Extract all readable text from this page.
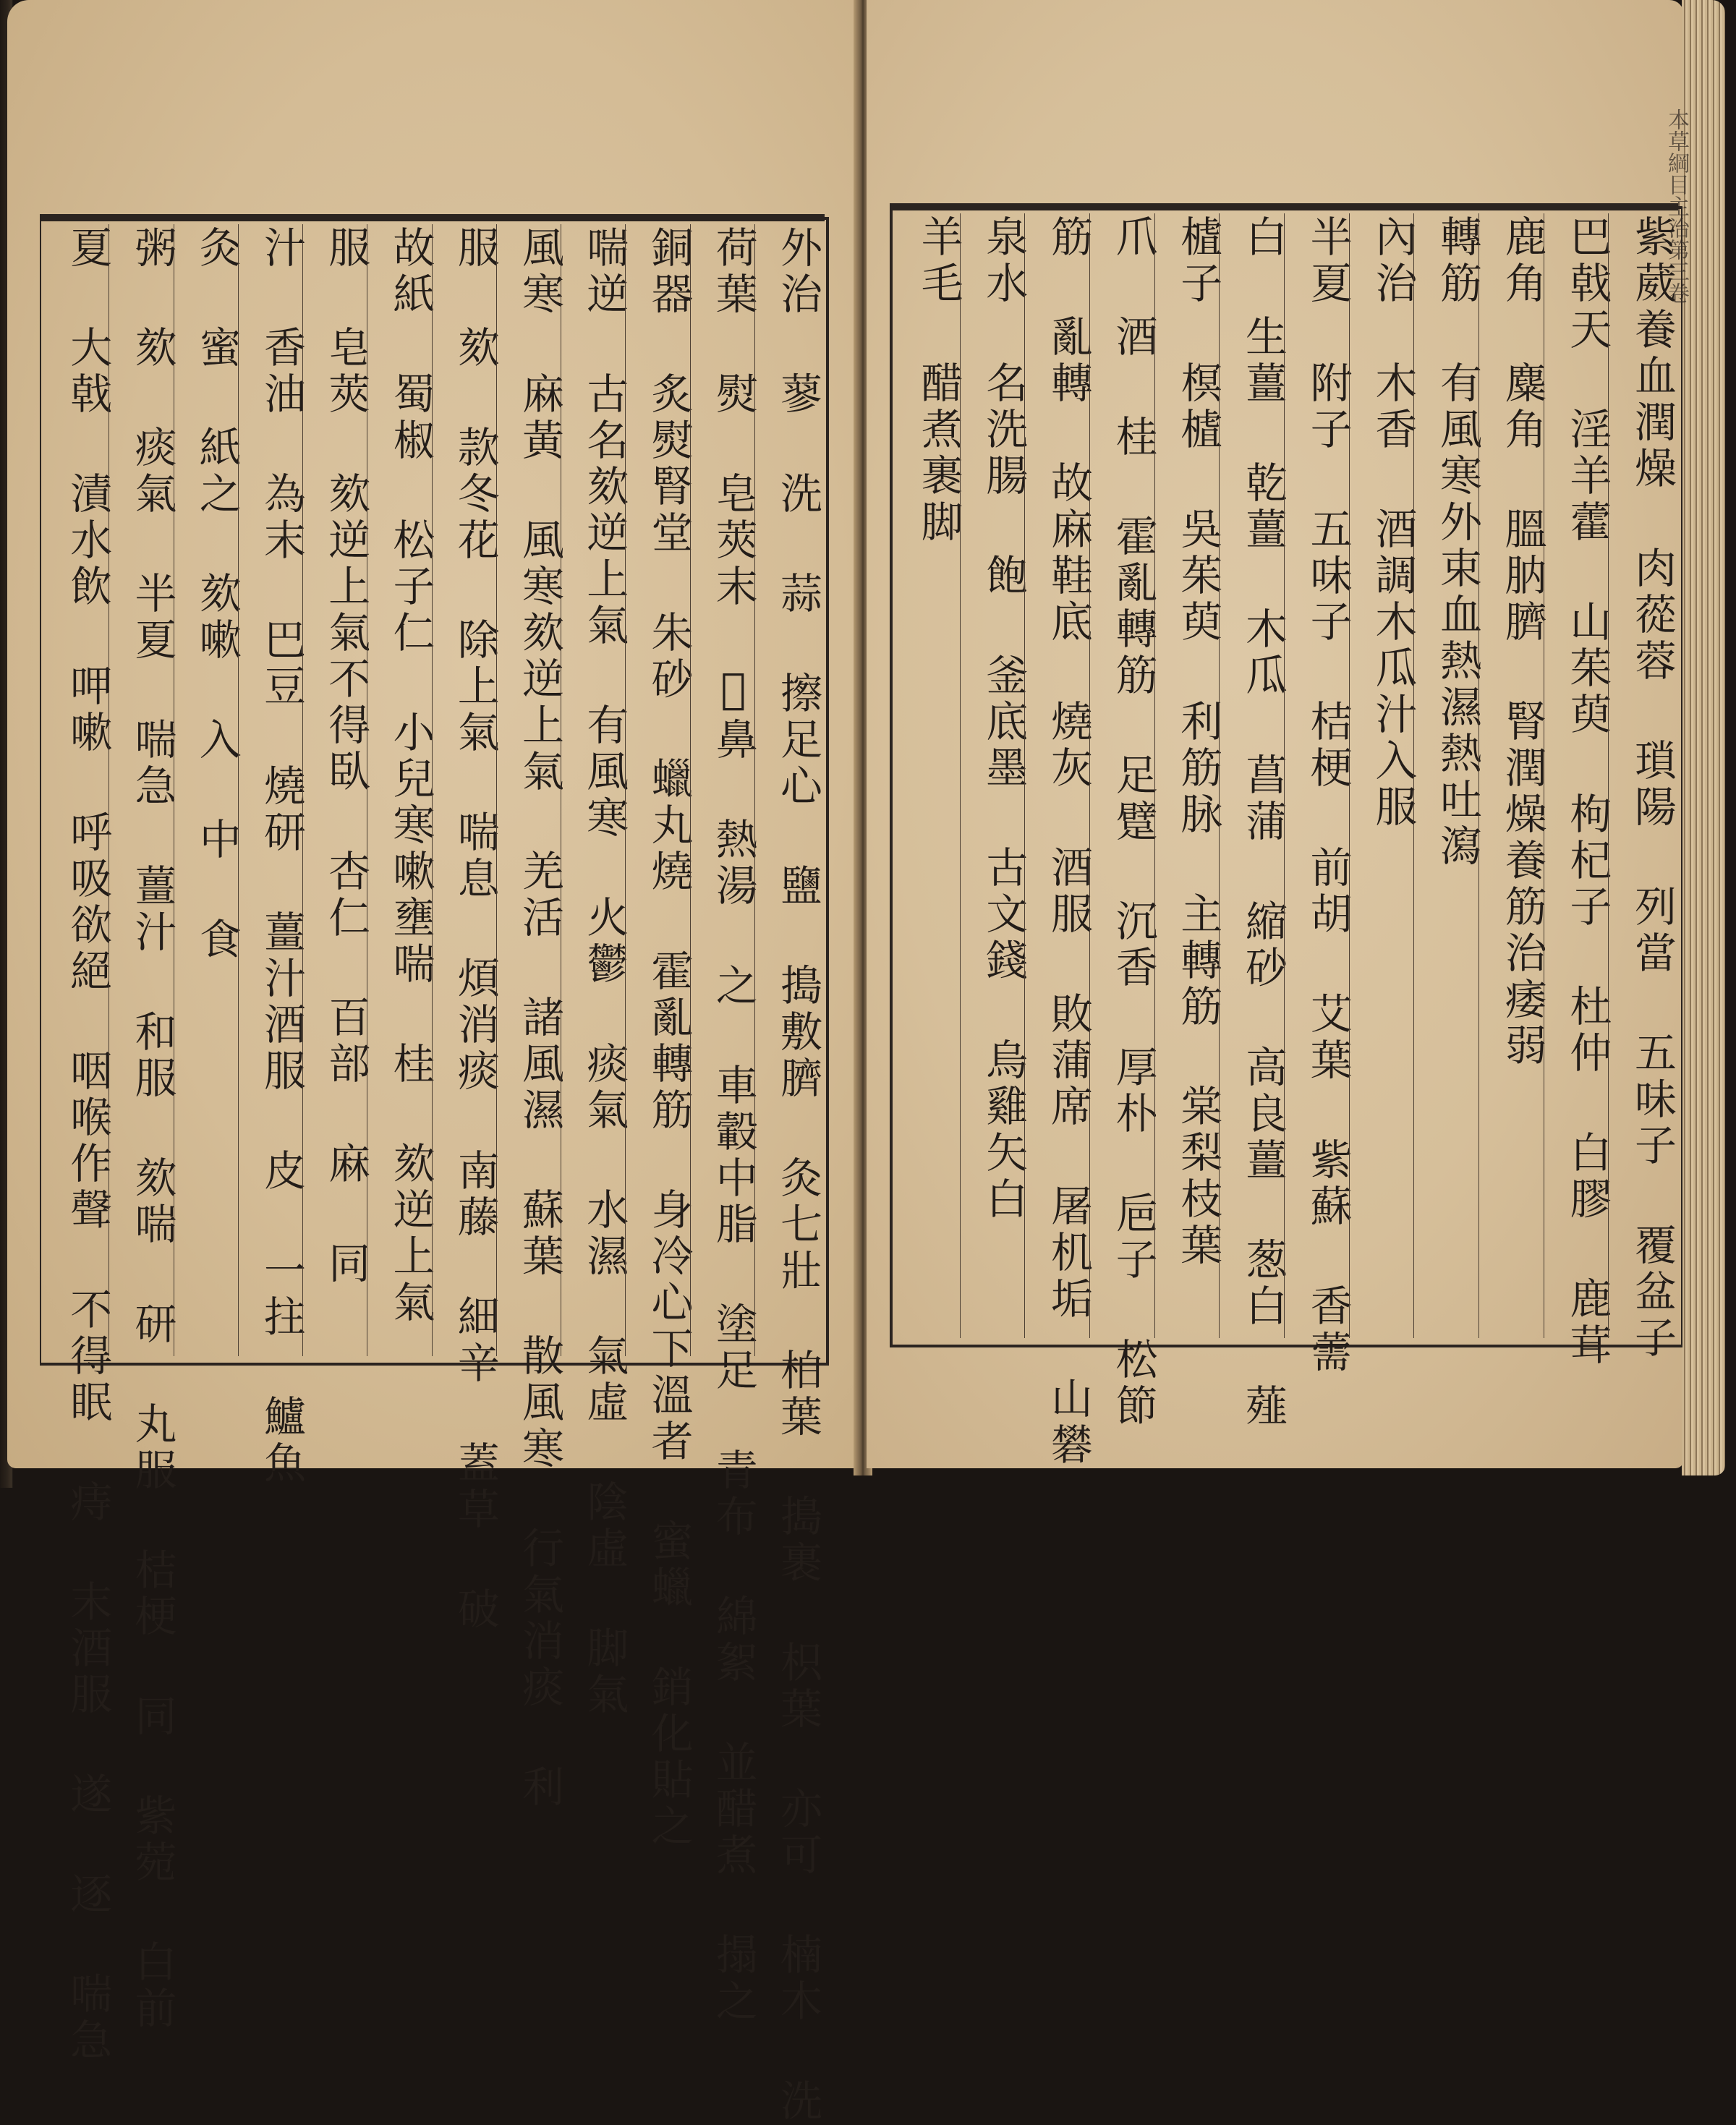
本草綱目主治第三卷
紫葳養血潤燥 肉蓯蓉 瑣陽 列當 五味子 覆盆子
巴戟天 淫羊藿 山茱萸 枸杞子 杜仲 白膠 鹿茸
鹿角 麋角 膃肭臍 腎潤燥養筋治痿弱
轉筋 有風寒外束血熱濕熱吐瀉
內治 木香 酒調木瓜汁入服
半夏 附子 五味子 桔梗 前胡 艾葉 紫蘇 香薷
白 生薑 乾薑 木瓜 菖蒲 縮砂 高良薑 葱白 薤
樝子 榠樝 吳茱萸 利筋脉 主轉筋 棠梨枝葉
爪 酒 桂 霍亂轉筋 足躄 沉香 厚朴 巵子 松節
筋 亂轉 故麻鞋底 燒灰 酒服 敗蒲席 屠机垢 山礬
泉水 名洗腸 飽 釜底墨 古文錢 烏雞矢白
羊毛 醋煮裹脚
外治 蓼 洗 蒜 擦足心 鹽 搗敷臍 灸七壯 柏葉 搗裹 枳葉 亦可 楠木 洗
荷葉 熨 皂莢末 𤋲鼻 熱湯 之 車轂中脂 塗足 青布 綿絮 並醋煮 搨之
銅器 炙熨腎堂 朱砂 蠟丸燒 霍亂轉筋 身冷心下溫者 蜜蠟 銷化貼之
喘逆 古名欬逆上氣 有風寒 火鬱 痰氣 水濕 氣虛 陰虛 脚氣
風寒 麻黃 風寒欬逆上氣 羌活 諸風濕 蘇葉 散風寒 行氣消痰 利
服 欬 款冬花 除上氣 喘息 煩消痰 南藤 細辛 蓋草 破
故紙 蜀椒 松子仁 小兒寒嗽壅喘 桂 欬逆上氣
服 皂莢 欬逆上氣不得臥 杏仁 百部 麻 同
汁 香油 為末 巴豆 燒研 薑汁酒服 皮 一拄 鱸魚
灸 蜜 紙之 欬嗽 入 中 食
粥 欬 痰氣 半夏 喘急 薑汁 和服 欬喘 研 丸服 桔梗 同 紫菀 白前
夏 大戟 漬水飲 呷嗽 呼吸欲絕 咽喉作聲 不得眠 痔 末酒服 遂 逐 喘急
